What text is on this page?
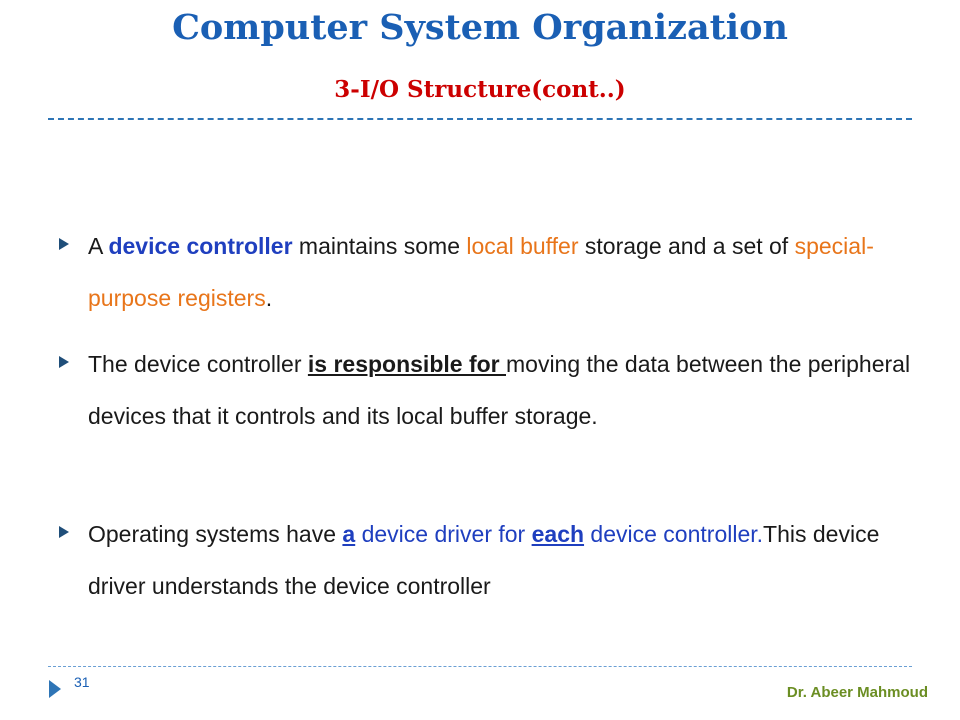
Computer System Organization
3-I/O Structure(cont..)
A device controller maintains some local buffer storage and a set of special-purpose registers.
The device controller is responsible for moving the data between the peripheral devices that it controls and its local buffer storage.
Operating systems have a device driver for each device controller.This device driver understands the device controller
31
Dr. Abeer Mahmoud
